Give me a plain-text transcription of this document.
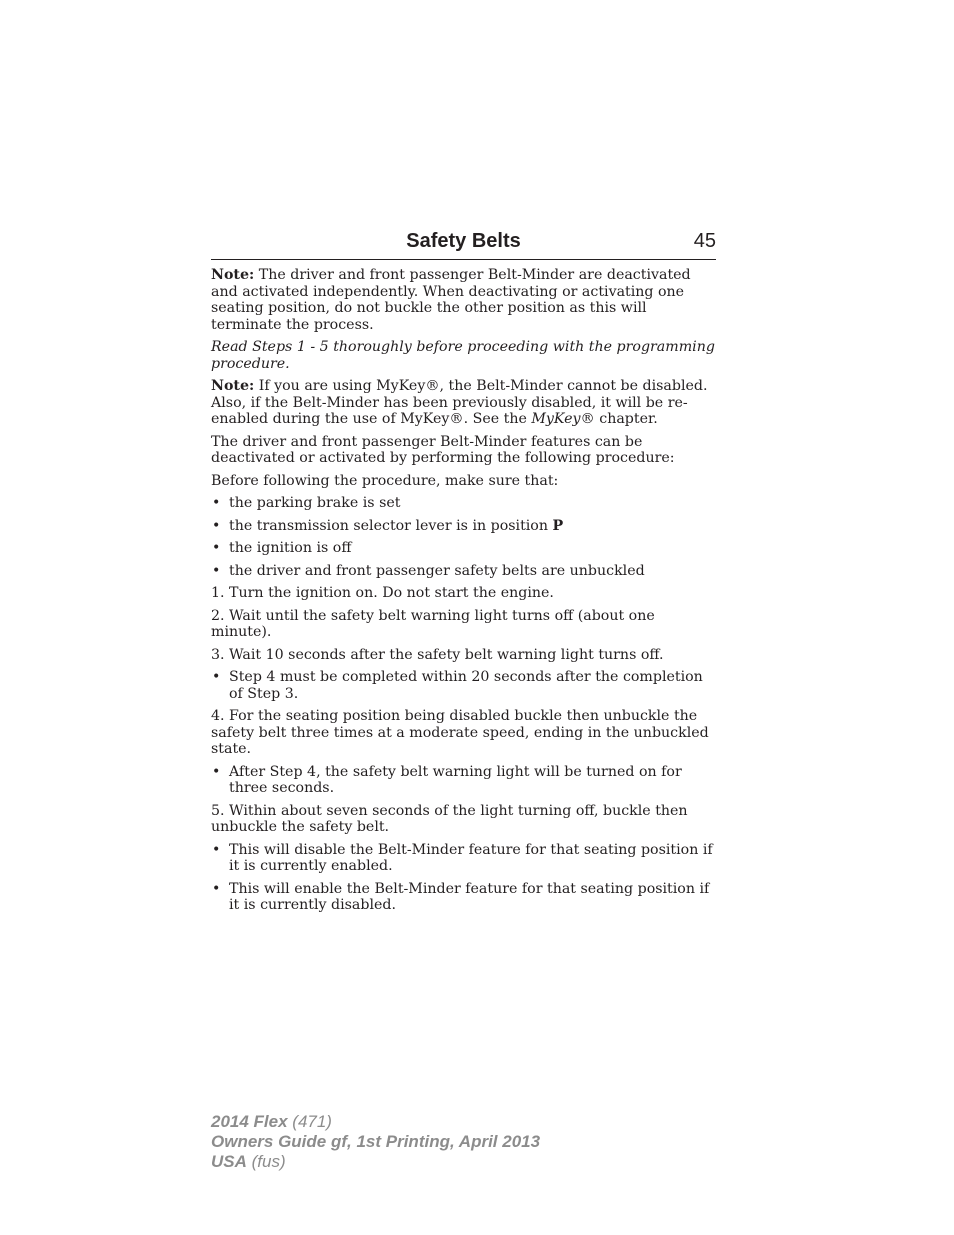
Safety Belts	45

Note: The driver and front passenger Belt-Minder are deactivated and activated independently. When deactivating or activating one seating position, do not buckle the other position as this will terminate the process.

Read Steps 1 - 5 thoroughly before proceeding with the programming procedure.

Note: If you are using MyKey®, the Belt-Minder cannot be disabled. Also, if the Belt-Minder has been previously disabled, it will be re-enabled during the use of MyKey®. See the MyKey® chapter.

The driver and front passenger Belt-Minder features can be deactivated or activated by performing the following procedure:

Before following the procedure, make sure that:

• the parking brake is set
• the transmission selector lever is in position P
• the ignition is off
• the driver and front passenger safety belts are unbuckled

1. Turn the ignition on. Do not start the engine.

2. Wait until the safety belt warning light turns off (about one minute).

3. Wait 10 seconds after the safety belt warning light turns off.

• Step 4 must be completed within 20 seconds after the completion of Step 3.

4. For the seating position being disabled buckle then unbuckle the safety belt three times at a moderate speed, ending in the unbuckled state.

• After Step 4, the safety belt warning light will be turned on for three seconds.

5. Within about seven seconds of the light turning off, buckle then unbuckle the safety belt.

• This will disable the Belt-Minder feature for that seating position if it is currently enabled.
• This will enable the Belt-Minder feature for that seating position if it is currently disabled.
2014 Flex (471)
Owners Guide gf, 1st Printing, April 2013
USA (fus)
